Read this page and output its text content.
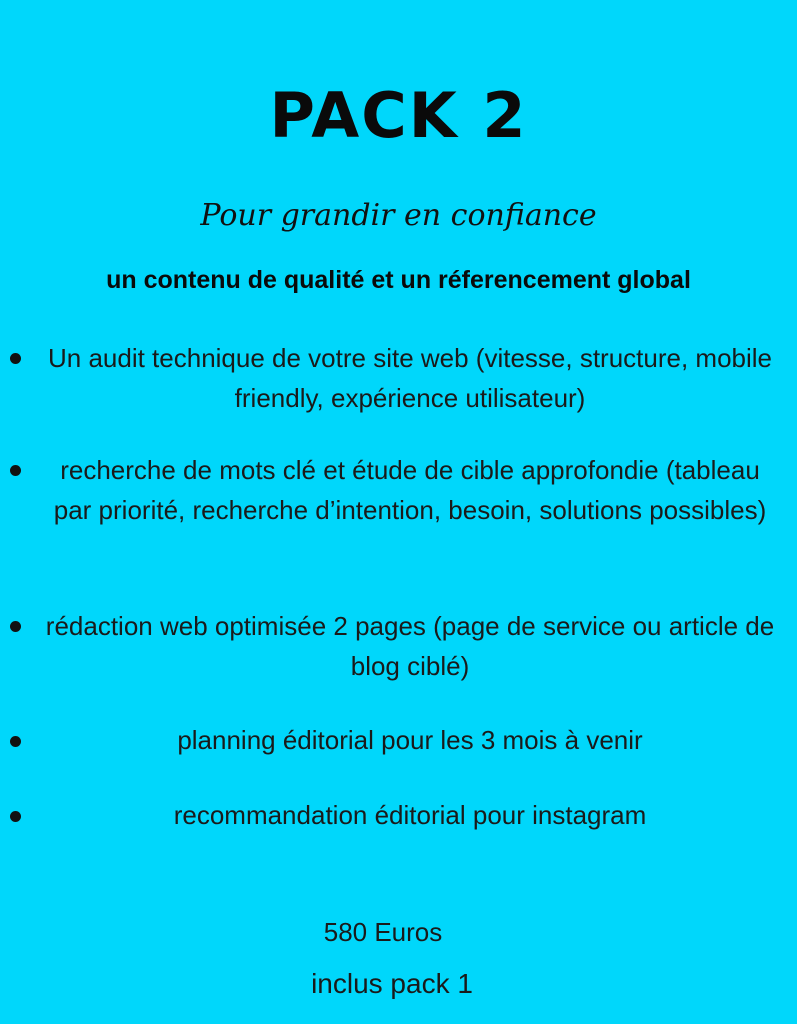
PACK 2
Pour grandir en confiance
un contenu de qualité et un réferencement global
Un audit technique de votre site web (vitesse, structure, mobile friendly, expérience utilisateur)
recherche de mots clé et étude de cible approfondie (tableau par priorité, recherche d’intention, besoin, solutions possibles)
rédaction web optimisée 2 pages (page de service ou article de blog ciblé)
planning éditorial pour les 3 mois à venir
recommandation éditorial pour instagram
580 Euros
inclus pack 1
